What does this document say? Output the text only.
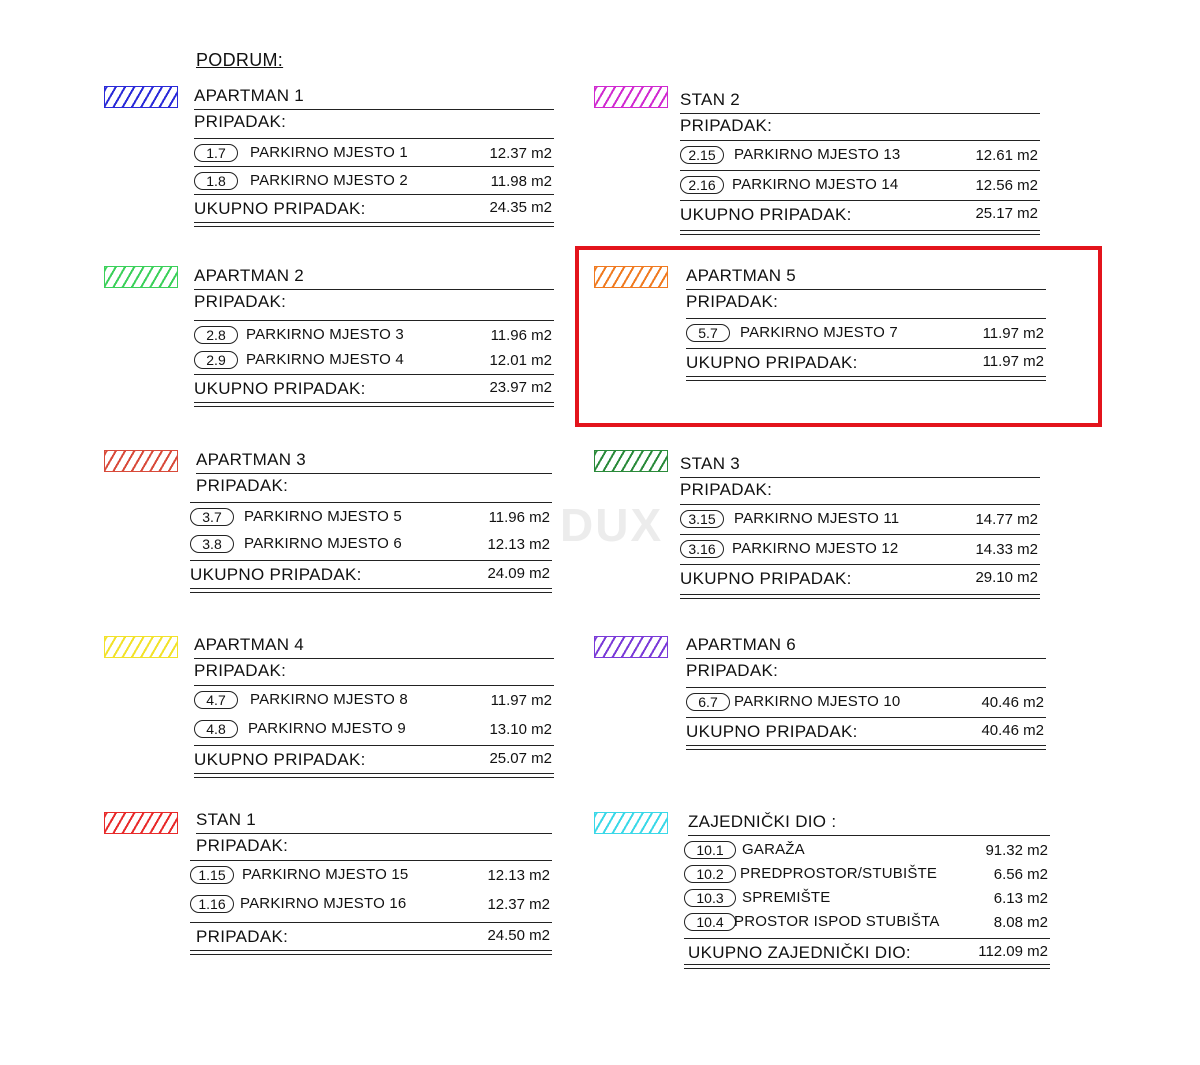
PODRUM:
DUX
APARTMAN 1
PRIPADAK:
1.7	PARKIRNO MJESTO 1	12.37 m2
1.8	PARKIRNO MJESTO 2	11.98 m2
UKUPNO PRIPADAK:	24.35 m2
STAN 2
PRIPADAK:
2.15	PARKIRNO MJESTO 13	12.61 m2
2.16	PARKIRNO MJESTO 14	12.56 m2
UKUPNO PRIPADAK:	25.17 m2
APARTMAN 2
PRIPADAK:
2.8	PARKIRNO MJESTO 3	11.96 m2
2.9	PARKIRNO MJESTO 4	12.01 m2
UKUPNO PRIPADAK:	23.97 m2
APARTMAN 5
PRIPADAK:
5.7	PARKIRNO MJESTO 7	11.97 m2
UKUPNO PRIPADAK:	11.97 m2
APARTMAN 3
PRIPADAK:
3.7	PARKIRNO MJESTO 5	11.96 m2
3.8	PARKIRNO MJESTO 6	12.13 m2
UKUPNO PRIPADAK:	24.09 m2
STAN 3
PRIPADAK:
3.15	PARKIRNO MJESTO 11	14.77 m2
3.16	PARKIRNO MJESTO 12	14.33 m2
UKUPNO PRIPADAK:	29.10 m2
APARTMAN 4
PRIPADAK:
4.7	PARKIRNO MJESTO 8	11.97 m2
4.8	PARKIRNO MJESTO 9	13.10 m2
UKUPNO PRIPADAK:	25.07 m2
APARTMAN 6
PRIPADAK:
6.7	PARKIRNO MJESTO 10	40.46 m2
UKUPNO PRIPADAK:	40.46 m2
STAN 1
PRIPADAK:
1.15	PARKIRNO MJESTO 15	12.13 m2
1.16 PARKIRNO MJESTO 16	12.37 m2
PRIPADAK:	24.50 m2
ZAJEDNIČKI DIO :
10.1	GARAŽA	91.32 m2
10.2	PREDPROSTOR/STUBIŠTE	6.56 m2
10.3	SPREMIŠTE	6.13 m2
10.4 PROSTOR ISPOD STUBIŠTA	8.08 m2
UKUPNO ZAJEDNIČKI DIO:	112.09 m2
